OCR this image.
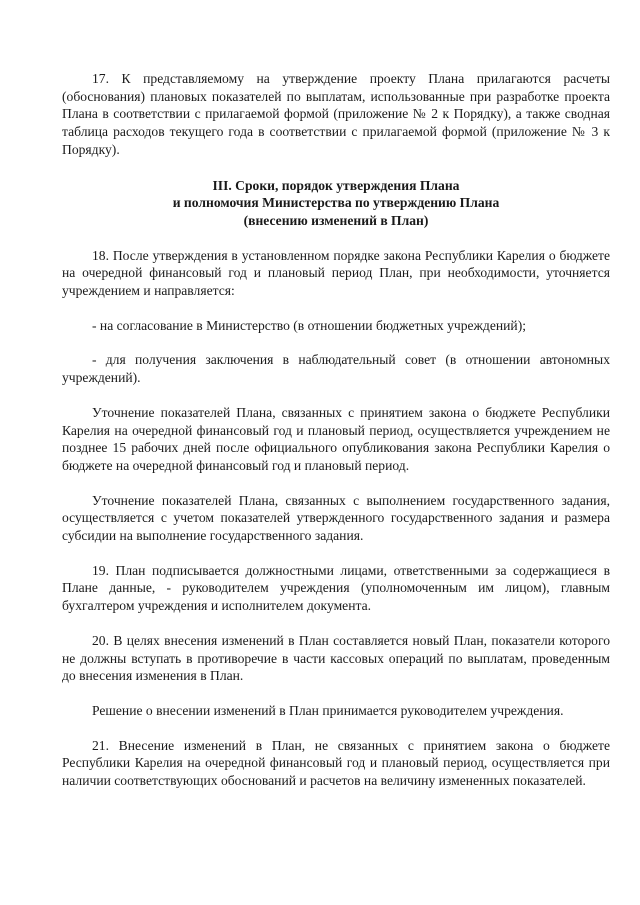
17. К представляемому на утверждение проекту Плана прилагаются расчеты (обоснования) плановых показателей по выплатам, использованные при разработке проекта Плана в соответствии с прилагаемой формой (приложение № 2 к Порядку), а также сводная таблица расходов текущего года в соответствии с прилагаемой формой (приложение № 3 к Порядку).

III. Сроки, порядок утверждения Плана
и полномочия Министерства по утверждению Плана
(внесению изменений в План)

18. После утверждения в установленном порядке закона Республики Карелия о бюджете на очередной финансовый год и плановый период План, при необходимости, уточняется учреждением и направляется:

- на согласование в Министерство (в отношении бюджетных учреждений);

- для получения заключения в наблюдательный совет (в отношении автономных учреждений).

Уточнение показателей Плана, связанных с принятием закона о бюджете Республики Карелия на очередной финансовый год и плановый период, осуществляется учреждением не позднее 15 рабочих дней после официального опубликования закона Республики Карелия о бюджете на очередной финансовый год и плановый период.

Уточнение показателей Плана, связанных с выполнением государственного задания, осуществляется с учетом показателей утвержденного государственного задания и размера субсидии на выполнение государственного задания.

19. План подписывается должностными лицами, ответственными за содержащиеся в Плане данные, - руководителем учреждения (уполномоченным им лицом), главным бухгалтером учреждения и исполнителем документа.

20. В целях внесения изменений в План составляется новый План, показатели которого не должны вступать в противоречие в части кассовых операций по выплатам, проведенным до внесения изменения в План.

Решение о внесении изменений в План принимается руководителем учреждения.

21. Внесение изменений в План, не связанных с принятием закона о бюджете Республики Карелия на очередной финансовый год и плановый период, осуществляется при наличии соответствующих обоснований и расчетов на величину измененных показателей.
